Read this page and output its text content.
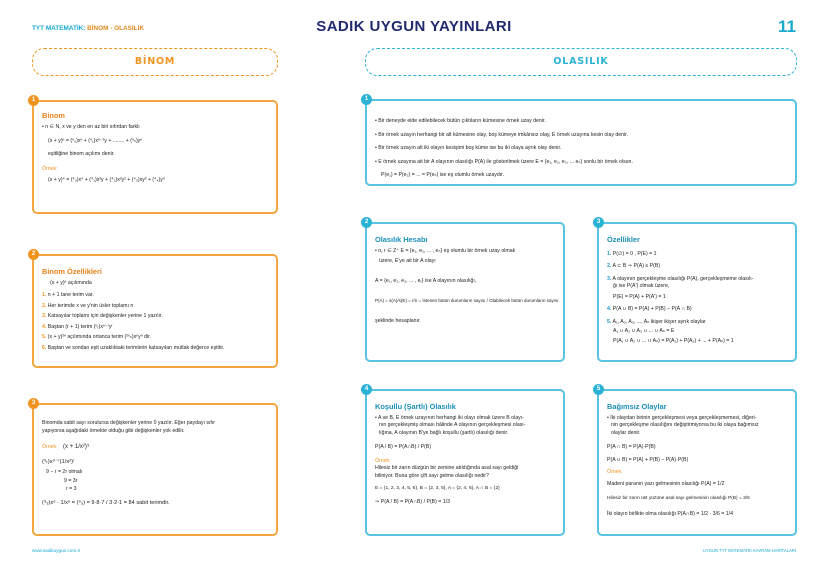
TYT MATEMATİK: BİNOM - OLASILIK	SADIK UYGUN YAYINLARI	11
BİNOM	OLASILIK
1
Binom
• n ∈ N, x ve y den en az biri sıfırdan farklı
(x + y)ⁿ = (ⁿ₀)xⁿ + (ⁿ₁)xⁿ⁻¹y + ........ + (ⁿₙ)yⁿ
eşitliğine binom açılımı denir.
Örnek:
(x + y)⁴ = (⁴₀)x⁴ + (⁴₁)x³y + (⁴₂)x²y² + (⁴₃)xy³ + (⁴₄)y⁴
2
Binom Özellikleri
(x + y)ⁿ açılımında
1. n + 1 tane terim var.
2. Her terimde x ve y'nin üsler toplamı n
3. Katsayılar toplamı için değişkenler yerine 1 yazılır.
4. Baştan (r + 1) terim (ⁿᵣ)xⁿ⁻ʳyʳ
5. (x + y)²ⁿ açılımında ortanca terim (²ⁿₙ)xⁿyⁿ dir.
6. Baştan ve sondan eşit uzaklıktaki terimlerin katsayıları mutlak değerce eşittir.
3
Binomda sabit sayı sorulursa değişkenler yerine 0 yazılır. Eğer paydayı sıfır
yapıyorsa aşağıdaki örnekte olduğu gibi değişkenler yok edilir.
Örnek: (x + 1/x²)⁹
(⁹ᵣ)x⁹⁻ʳ(1/x²)ʳ
9 − r = 2r olmalı
9 = 3r
r = 3
(⁹₃)x⁶ · 1/x⁶ = (⁹₃) = 9·8·7 / 3·2·1 = 84 sabit terimdir.
1
• Bir deneyde elde edilebilecek bütün çıktıların kümesine örnek uzay denir.
• Bir örnek uzayın herhangi bir alt kümesine olay, boş kümeye imkânsız olay, E örnek uzayına kesin olay denir.
• Bir örnek uzayın alt iki olayın kesişimi boş küme ise bu iki olaya ayrık olay denir.
• E örnek uzayına ait bir A olayının olasılığı P(A) ile gösterilmek üzere E = {e₁, e₂, e₃, ... eₙ} sonlu bir örnek olsun.
P(e₁) = P(e₂) = ... = P(eₙ) ise eş olumlu örnek uzaydır.
2
Olasılık Hesabı
• n, r ∈ Z⁺ E = {e₁, e₂, ... , eₙ} eş olumlu bir örnek uzay olmak
üzere, E'ye ait bir A olayı
A = {e₁, e₂, e₃, ... , eᵣ} ise A olayının olasılığı,
P(A) = s(A)/s(E) = r/n = İstenen bütün durumların sayısı / Olabilecek bütün durumların sayısı
şeklinde hesaplanır.
3
Özellikler
1. P(∅) = 0 , P(E) = 1
2. A ⊂ B ⇒ P(A) ≤ P(B)
3. A olayının gerçekleşme olasılığı P(A), gerçekleşmeme olasılı-
ğı ise P(A') olmak üzere,
P(E) = P(A) + P(A') = 1
4. P(A ∪ B) = P(A) + P(B) − P(A ∩ B)
5. A₁, A₂, A₃, ..., Aₙ ikişer ikişer ayrık olaylar
A₁ ∪ A₂ ∪ A₃ ∪ ... ∪ Aₙ = E
P(A₁ ∪ A₂ ∪ ... ∪ Aₙ) = P(A₁) + P(A₂) + ... + P(Aₙ) = 1
4
Koşullu (Şartlı) Olasılık
• A ve B, E örnek uzayının herhangi iki olayı olmak üzere B olayı-
nın gerçekleşmiş olması hâlinde A olayının gerçekleşmesi olası-
lığına, A olayının B'ye bağlı koşullu (şartlı) olasılığı denir.
P(A / B) = P(A∩B) / P(B)
Örnek:
Hilesiz bir zarın düzgün bir zemine atıldığında asal sayı geldiği
biliniyor. Buna göre çift sayı gelme olasılığı nedir?
E = {1, 2, 3, 4, 5, 6}, B = {2, 3, 5}, A = {2, 4, 6}, A ∩ B = {2}
⇒ P(A / B) = P(A∩B) / P(B) = 1/3
5
Bağımsız Olaylar
• İki olaydan birinin gerçekleşmesi veya gerçekleşmemesi, diğeri-
nin gerçekleşme olasılığını değiştirmiyorsa bu iki olaya bağımsız
olaylar denir.
P(A ∩ B) = P(A)·P(B)
P(A ∪ B) = P(A) + P(B) − P(A)·P(B)
Örnek:
Madeni paranın yazı gelmesinin olasılığı P(A) = 1/2
Hilesiz bir zarın üst yüzüne asal sayı gelmesinin olasılığı P(B) = 3/6
İki olayın birlikte olma olasılığı P(A∩B) = 1/2 · 3/6 = 1/4
www.sadikuygun.com.tr	UYGUN TYT MATEMATİK KAVRAM HARİTALARI
